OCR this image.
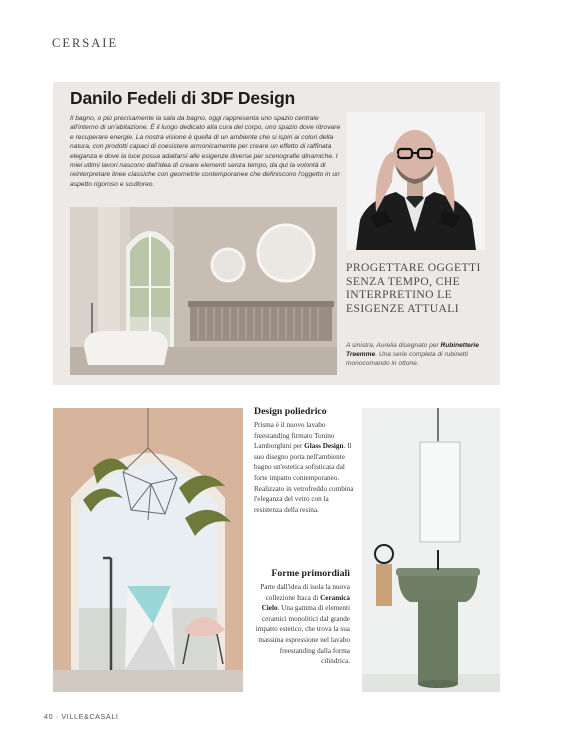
CERSAIE
Danilo Fedeli di 3DF Design

Il bagno, o più precisamente la sala da bagno, oggi rappresenta uno spazio centrale all'interno di un'abitazione. È il luogo dedicato alla cura del corpo, uno spazio dove ritrovare e recuperare energie. La nostra visione è quella di un ambiente che si ispiri ai colori della natura, con prodotti capaci di coesistere armonicamente per creare un effetto di raffinata eleganza e dove la luce possa adattarsi alle esigenze diverse per scenografie dinamiche. I miei ultimi lavori nascono dall'idea di creare elementi senza tempo, da qui la volontà di reinterpretare linee classiche con geometrie contemporanee che definiscono l'oggetto in un aspetto rigoroso e scultoreo.

PROGETTARE OGGETTI SENZA TEMPO, CHE INTERPRETINO LE ESIGENZE ATTUALI

A sinistra, Aurelia disegnato per Rubinetterie Treemme. Una serie completa di rubinetti monocomando in ottone.

Design poliedrico

Prisma è il nuovo lavabo freestanding firmato Tonino Lamborghini per Glass Design. Il suo disegno porta nell'ambiente bagno un'estetica sofisticata dal forte impatto contemporaneo. Realizzato in vetrofreddo combina l'eleganza del vetro con la resistenza della resina.

Forme primordiali

Parte dall'idea di isola la nuova collezione Itaca di Ceramica Cielo. Una gamma di elementi ceramici monolitici dal grande impatto estetico, che trova la sua massima espressione nel lavabo freestanding dalla forma cilindrica.

40 · VILLE&CASALI
